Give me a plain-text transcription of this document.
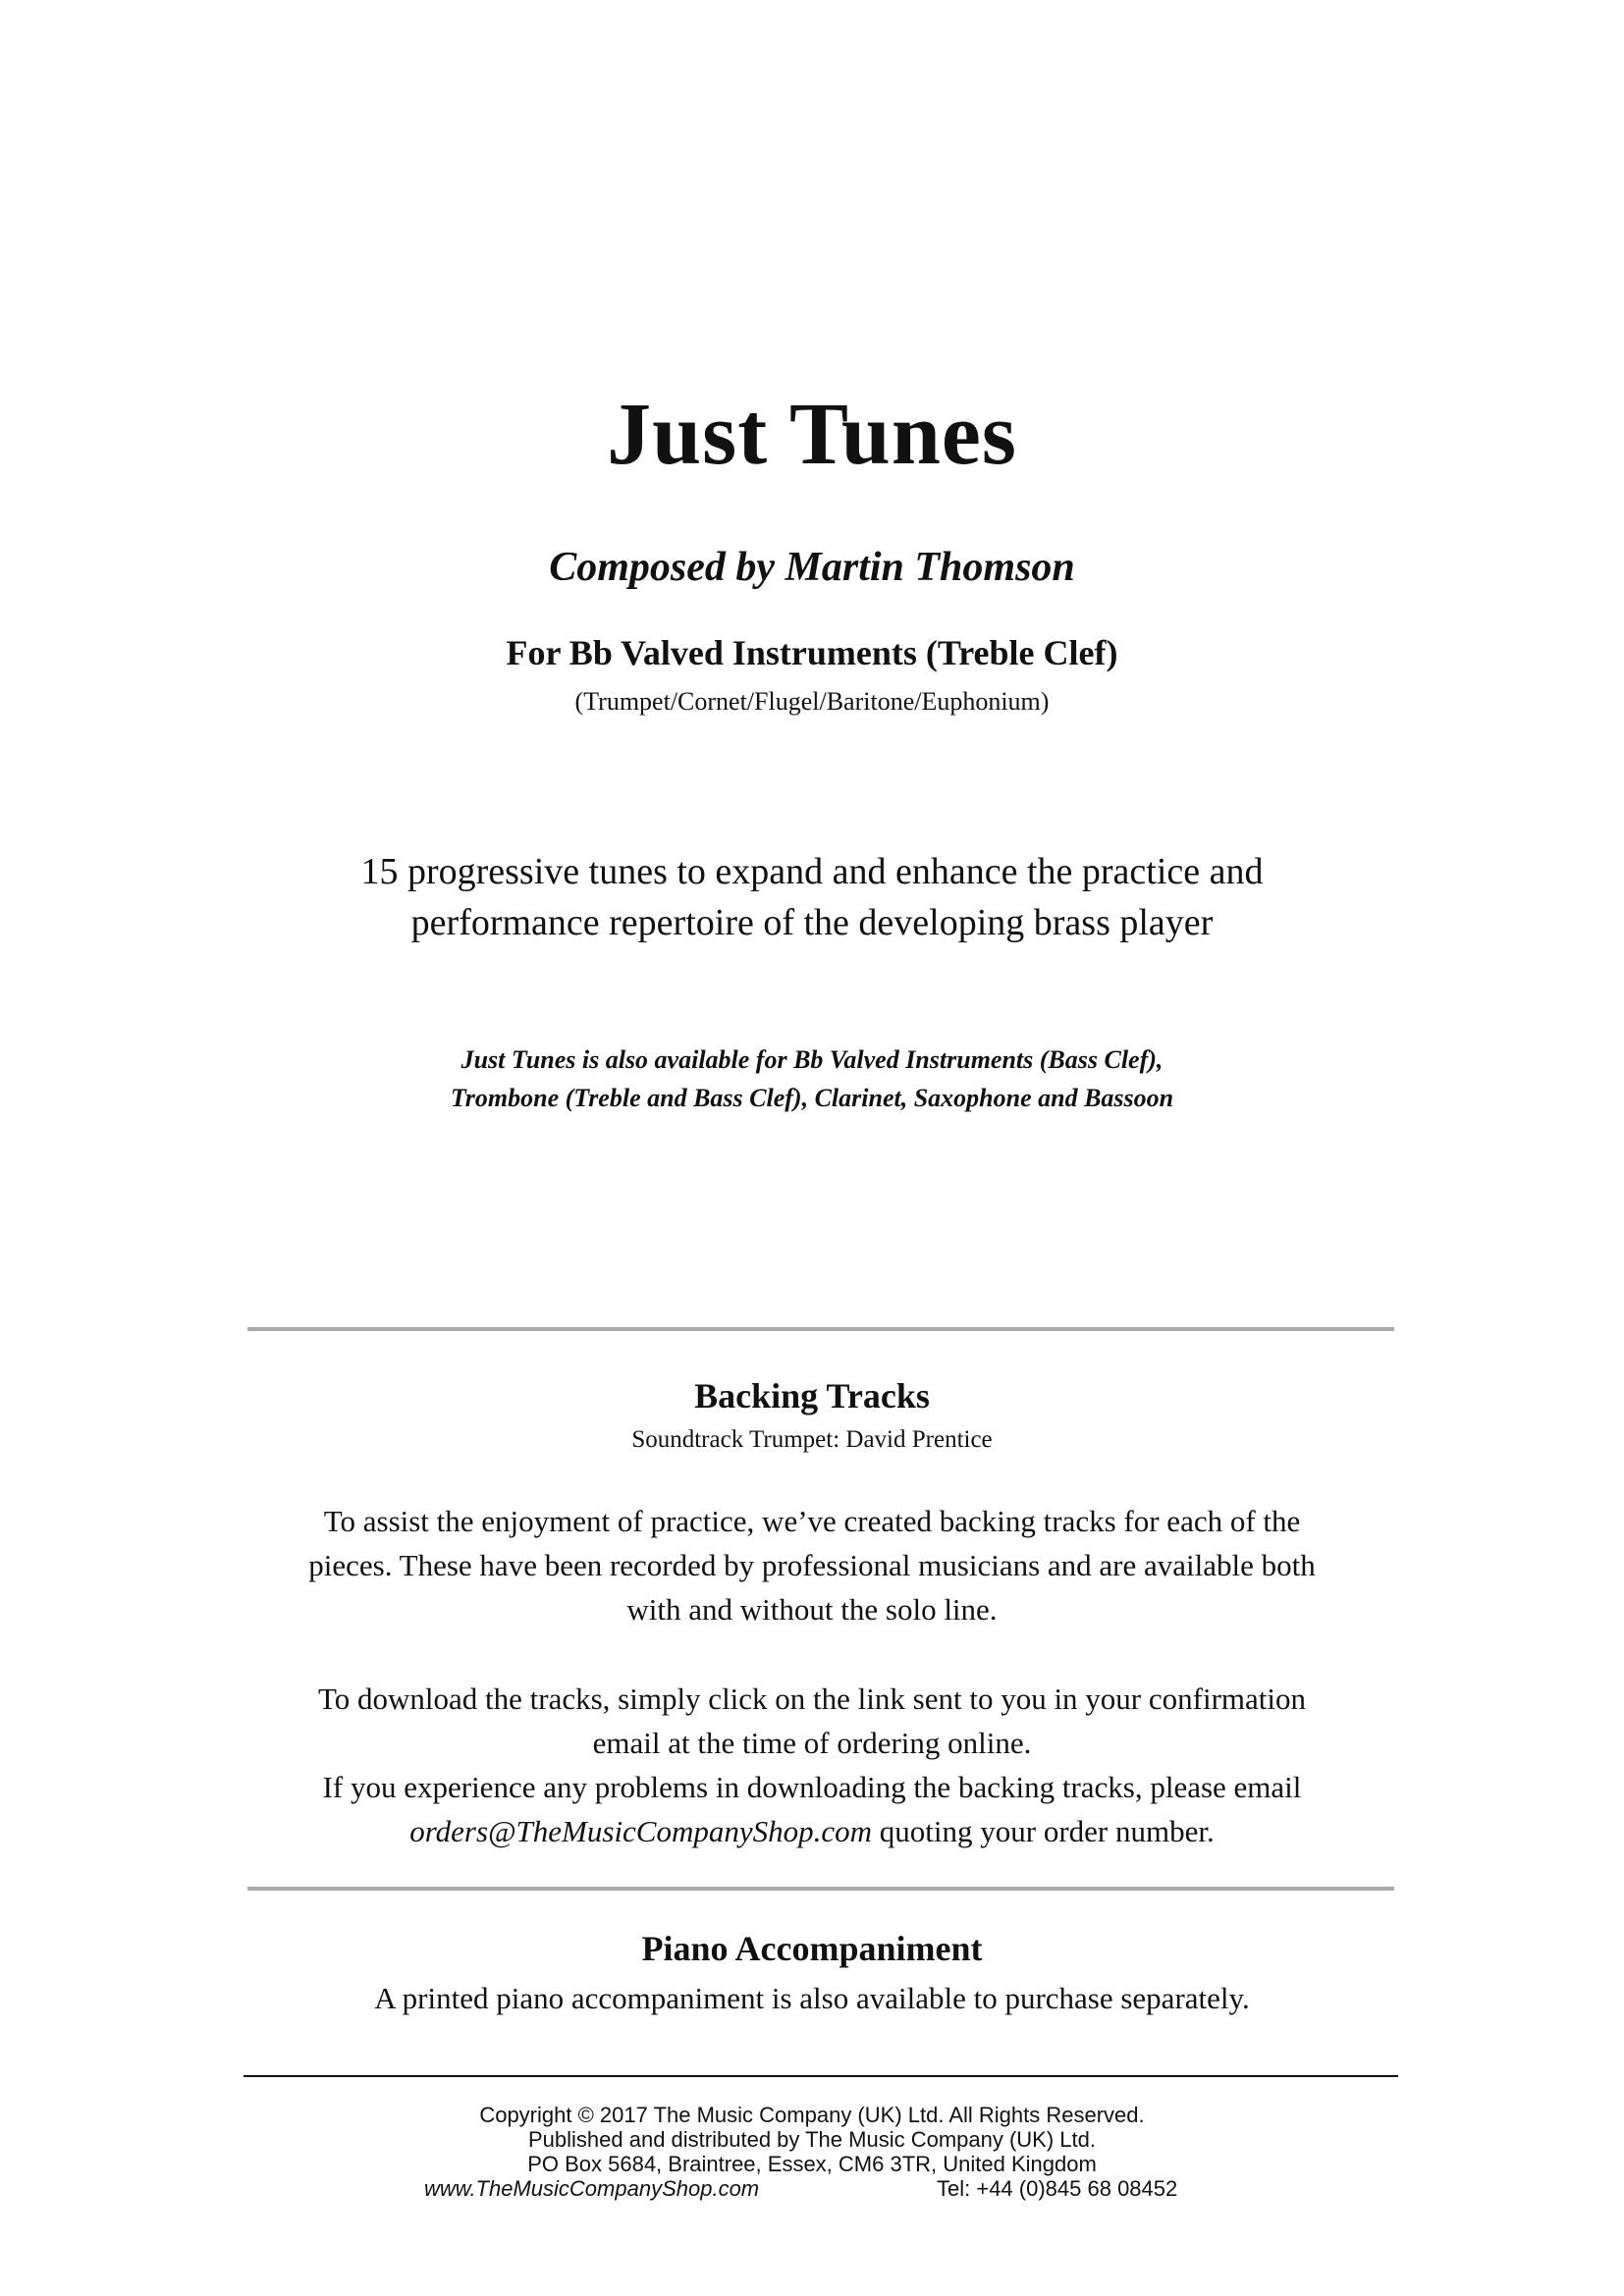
Just Tunes
Composed by Martin Thomson
For Bb Valved Instruments (Treble Clef)
(Trumpet/Cornet/Flugel/Baritone/Euphonium)
15 progressive tunes to expand and enhance the practice and
performance repertoire of the developing brass player
Just Tunes is also available for Bb Valved Instruments (Bass Clef),
Trombone (Treble and Bass Clef), Clarinet, Saxophone and Bassoon
Backing Tracks
Soundtrack Trumpet: David Prentice
To assist the enjoyment of practice, we’ve created backing tracks for each of the
pieces. These have been recorded by professional musicians and are available both
with and without the solo line.
To download the tracks, simply click on the link sent to you in your confirmation
email at the time of ordering online.
If you experience any problems in downloading the backing tracks, please email
orders@TheMusicCompanyShop.com quoting your order number.
Piano Accompaniment
A printed piano accompaniment is also available to purchase separately.
Copyright © 2017 The Music Company (UK) Ltd. All Rights Reserved.
Published and distributed by The Music Company (UK) Ltd.
PO Box 5684, Braintree, Essex, CM6 3TR, United Kingdom
www.TheMusicCompanyShop.com	Tel: +44 (0)845 68 08452
